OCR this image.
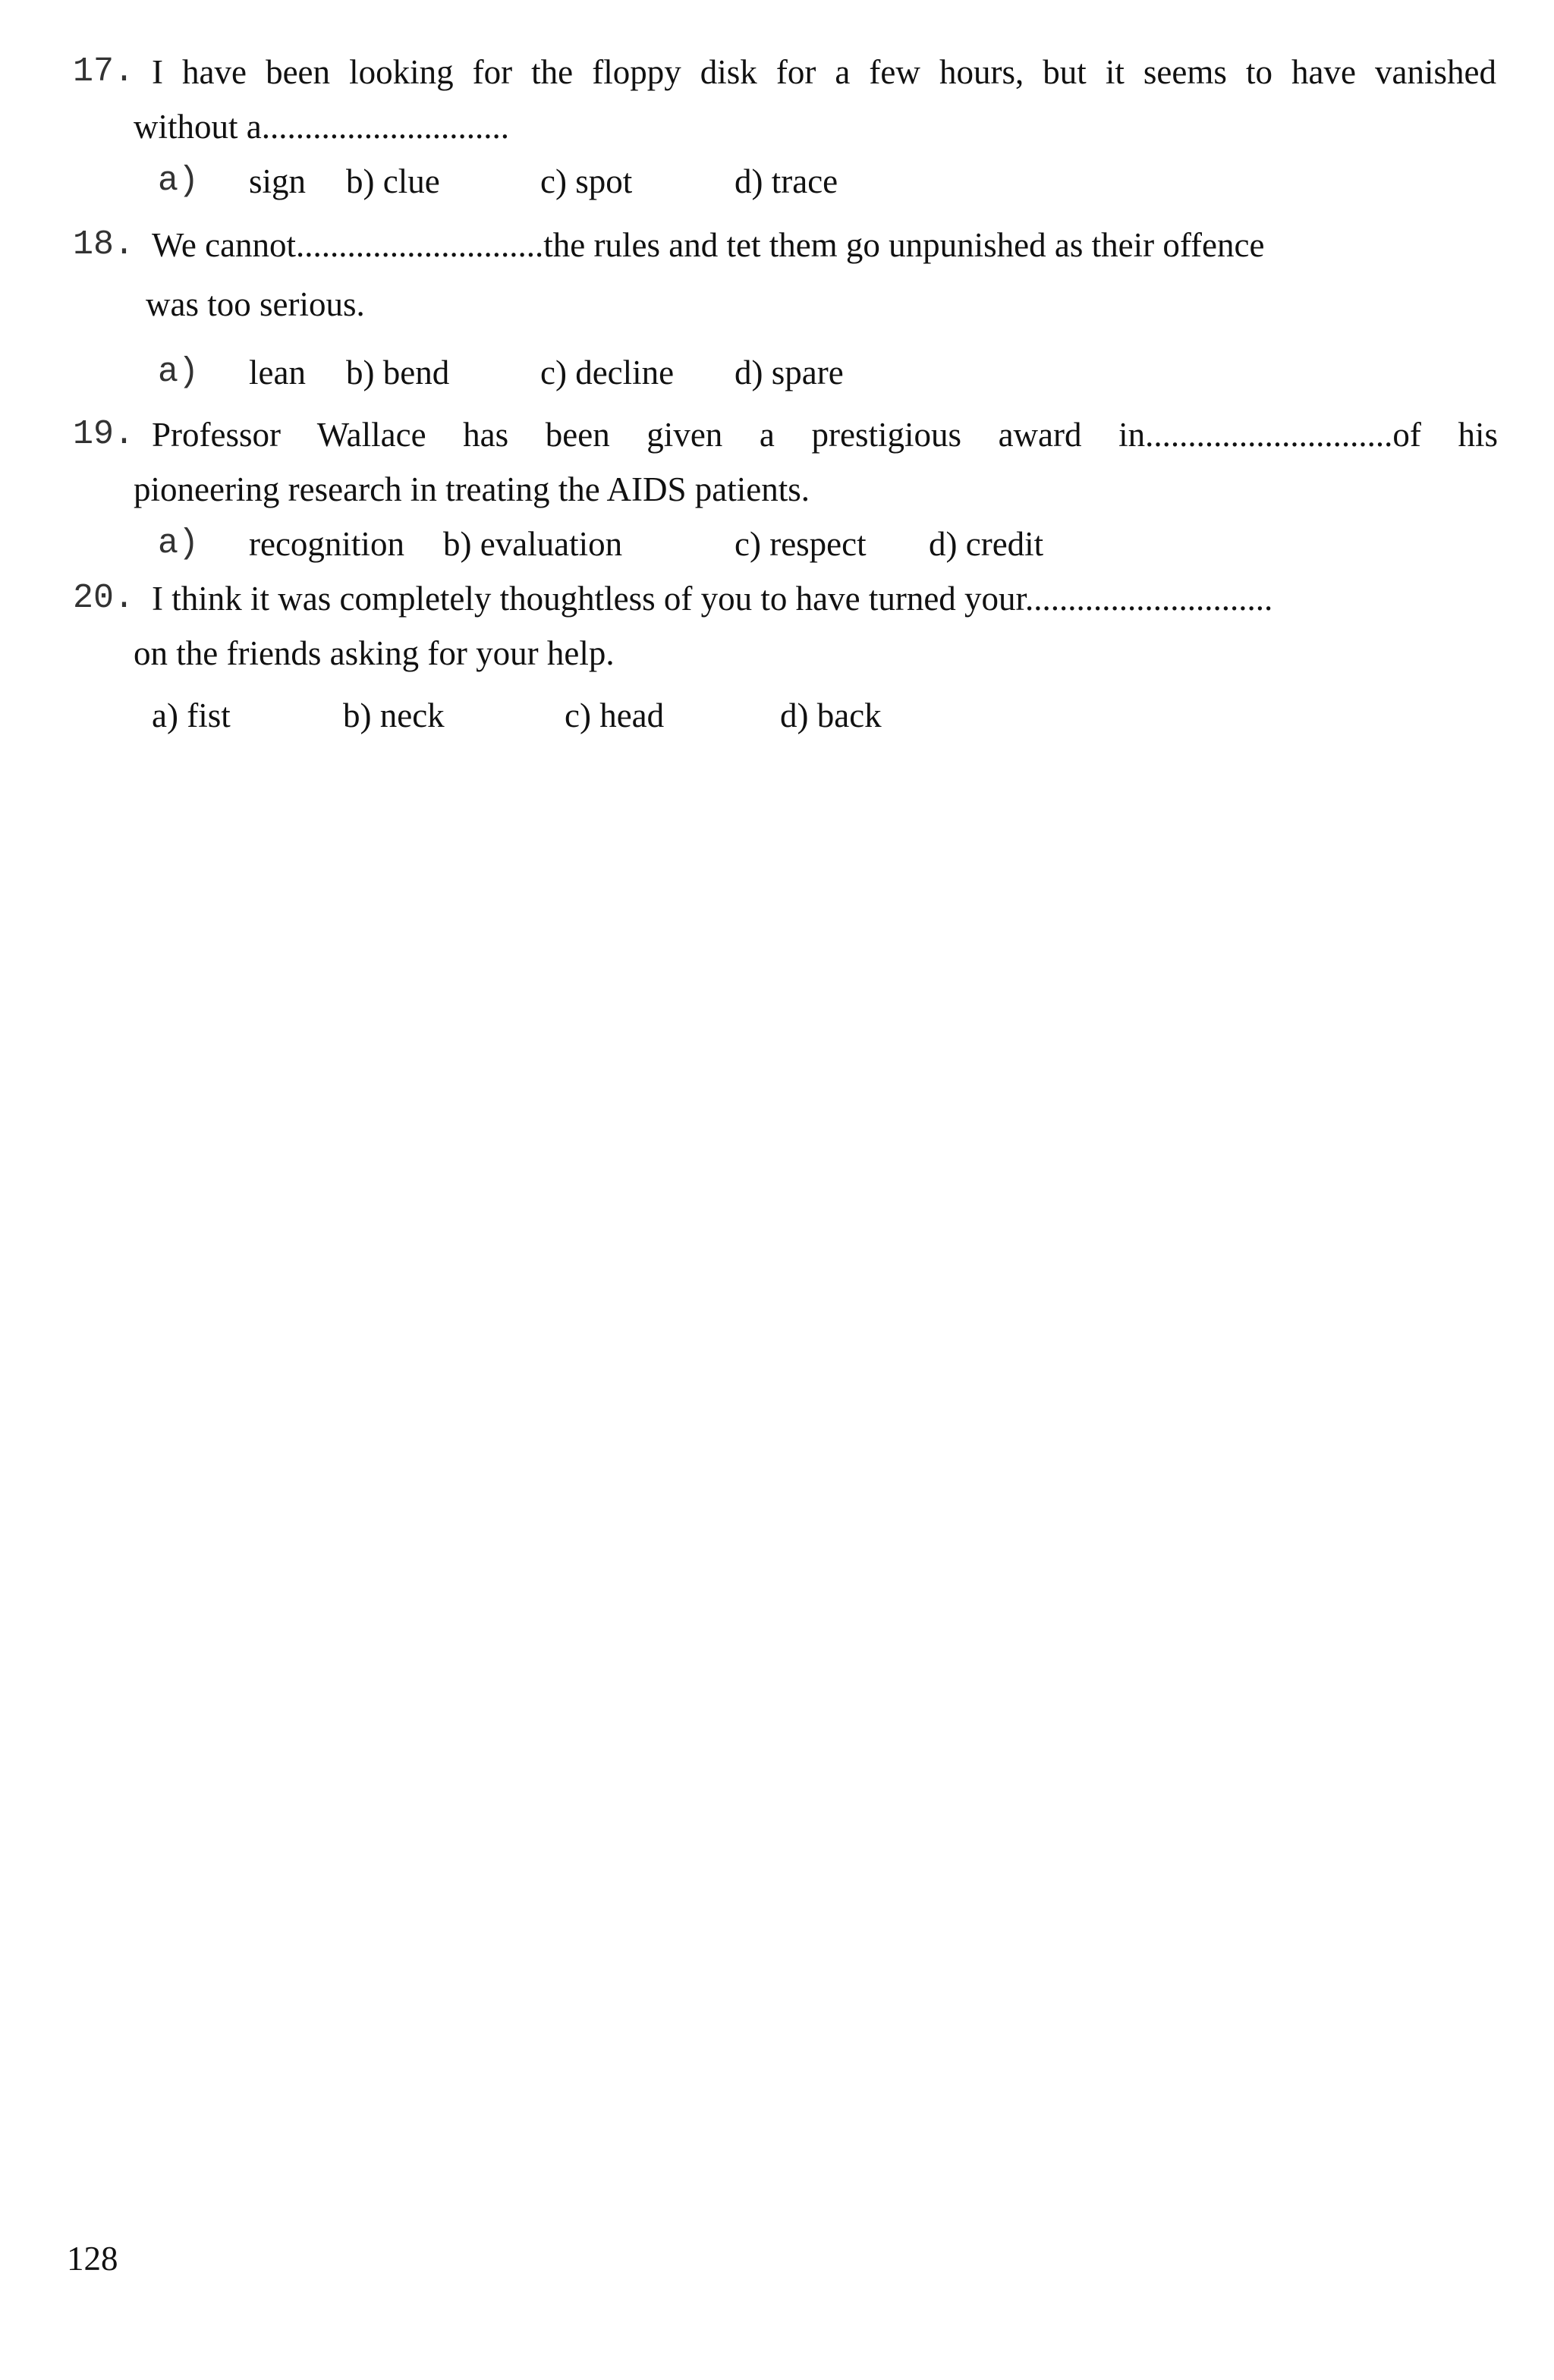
17. I have been looking for the floppy disk for a few hours, but it seems to have vanished
without a.............................
a) sign b) clue	c) spot	d) trace
18. We cannot.............................the rules and tet them go unpunished as their offence
was too serious.
a) lean b) bend	c) decline d) spare
19. Professor Wallace has been given a prestigious award in.............................of his
pioneering research in treating the AIDS patients.
a) recognition b) evaluation	c) respect d) credit
20. I think it was completely thoughtless of you to have turned your.............................
on the friends asking for your help.
a) fist	b) neck	c) head	d) back
128
